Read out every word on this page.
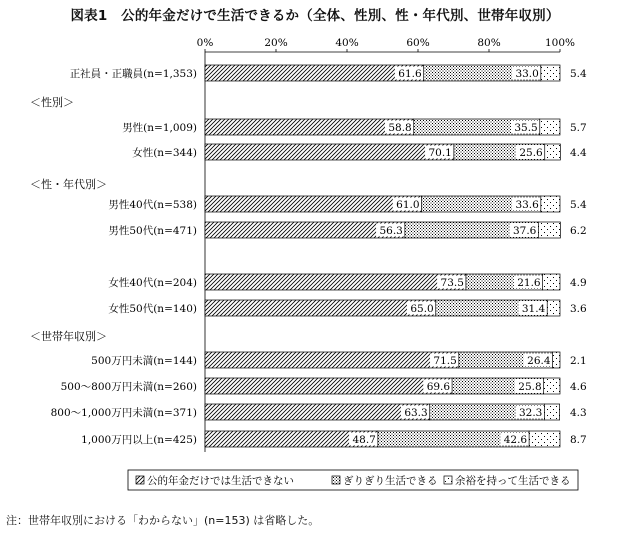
図表1　公的年金だけで生活できるか（全体、性別、性・年代別、世帯年収別）
0%	20%	40%	60%	80%	100%
正社員・正職員(n=1,353)	61.6	33.0	5.4
＜性別＞
男性(n=1,009)	58.8	35.5	5.7
女性(n=344)	70.1	25.6	4.4
＜性・年代別＞
男性40代(n=538)	61.0	33.6	5.4
男性50代(n=471)	56.3	37.6	6.2
女性40代(n=204)	73.5	21.6	4.9
女性50代(n=140)	65.0	31.4 3.6
＜世帯年収別＞
500万円未満(n=144)	71.5	26.4 2.1
500～800万円未満(n=260)	69.6	25.8	4.6
800～1,000万円未満(n=371)	63.3	32.3	4.3
1,000万円以上(n=425)	48.7	42.6	8.7
公的年金だけでは生活できない	ぎりぎり生活できる 余裕を持って生活できる
注：世帯年収別における「わからない」(n=153) は省略した。
